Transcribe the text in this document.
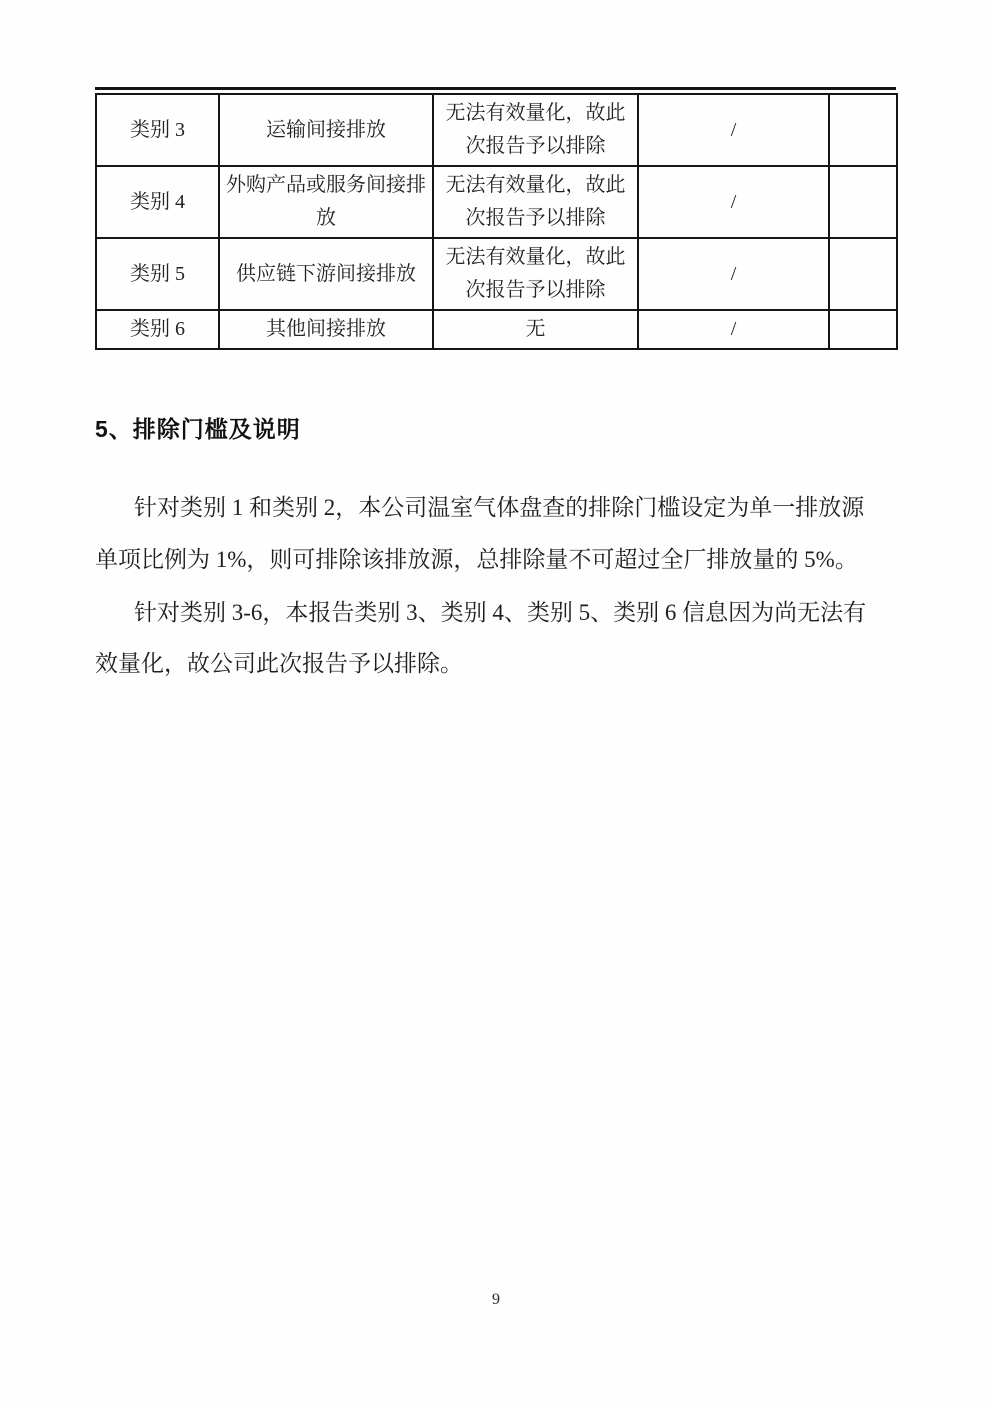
类别 3	运输间接排放	无法有效量化，故此次报告予以排除	/	
类别 4	外购产品或服务间接排放	无法有效量化，故此次报告予以排除	/	
类别 5	供应链下游间接排放	无法有效量化，故此次报告予以排除	/	
类别 6	其他间接排放	无	/	
5、排除门槛及说明
针对类别 1 和类别 2，本公司温室气体盘查的排除门槛设定为单一排放源
单项比例为 1%，则可排除该排放源，总排除量不可超过全厂排放量的 5%。
针对类别 3-6，本报告类别 3、类别 4、类别 5、类别 6 信息因为尚无法有
效量化，故公司此次报告予以排除。
9
